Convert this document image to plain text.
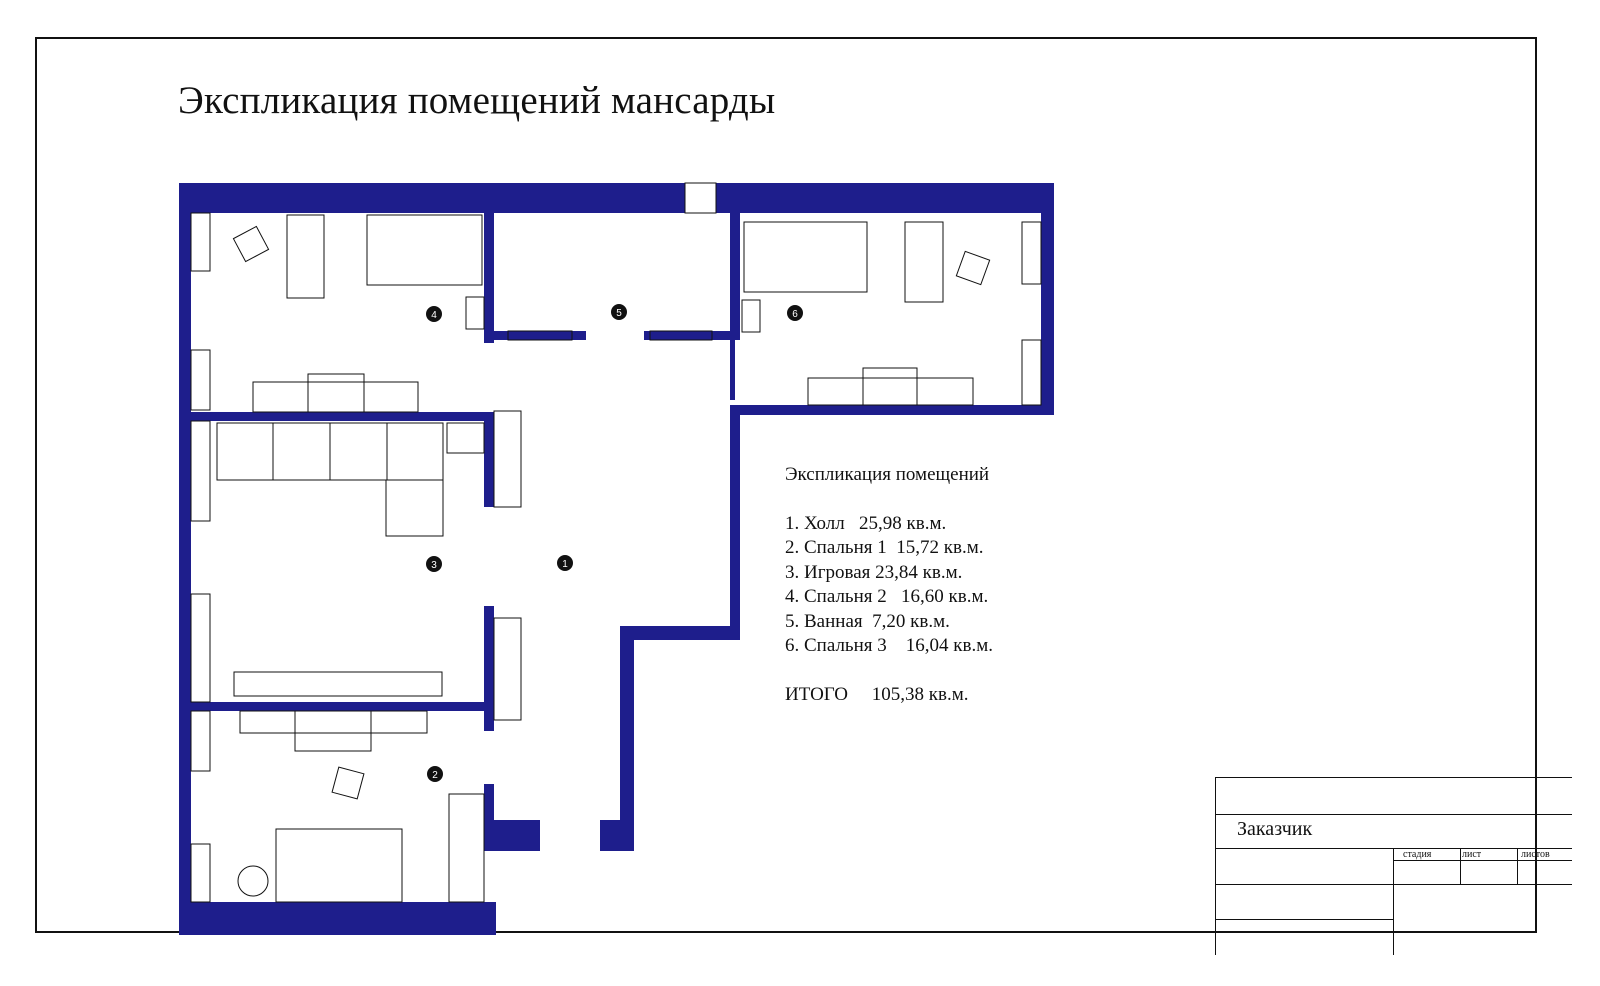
Экспликация помещений мансарды
1
2
3
4	5	6
Экспликация помещений
1. Холл   25,98 кв.м.
2. Спальня 1  15,72 кв.м.
3. Игровая 23,84 кв.м.
4. Спальня 2   16,60 кв.м.
5. Ванная  7,20 кв.м.
6. Спальня 3    16,04 кв.м.
ИТОГО     105,38 кв.м.
Заказчик
стадия	лист	листов
